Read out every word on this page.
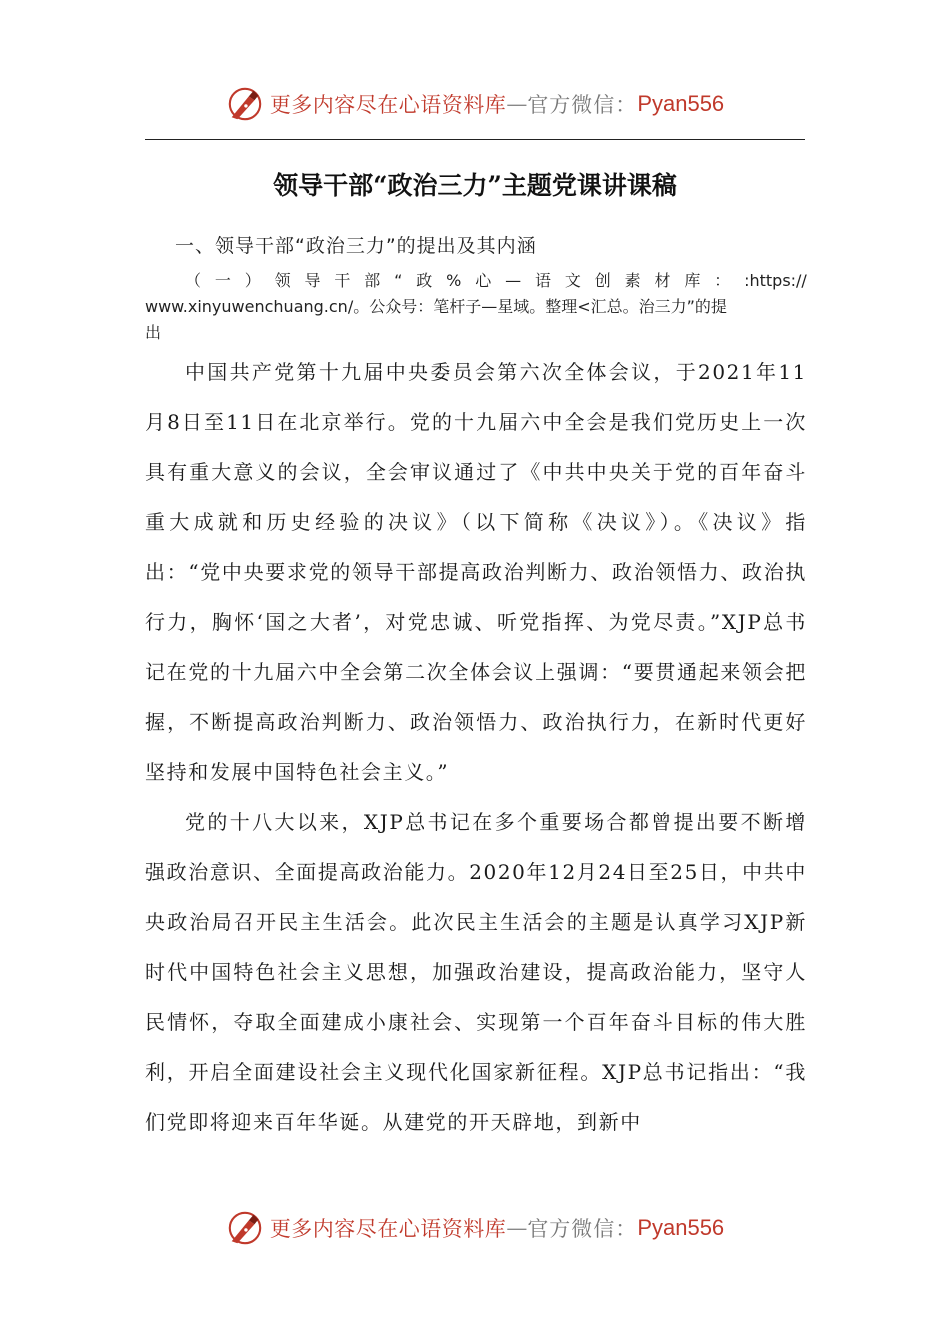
更多内容尽在心语资料库 — 官方微信： Pyan556
领导干部“政治三力”主题党课讲课稿
一、领导干部“政治三力”的提出及其内涵
（ 一 ） 领 导 干 部 “ 政 % 心 — 语 文 创 素 材 库 ： :https://
www.xinyuwenchuang.cn/。公众号：笔杆子—星域。整理<汇总。治三力”的提
出

中国共产党第十九届中央委员会第六次全体会议，于2021年11月8日至11日在北京举行。党的十九届六中全会是我们党历史上一次具有重大意义的会议，全会审议通过了《中共中央关于党的百年奋斗重大成就和历史经验的决议》（以下简称《决议》）。《决议》指出：“党中央要求党的领导干部提高政治判断力、政治领悟力、政治执行力，胸怀‘国之大者’，对党忠诚、听党指挥、为党尽责。”XJP总书记在党的十九届六中全会第二次全体会议上强调：“要贯通起来领会把握，不断提高政治判断力、政治领悟力、政治执行力，在新时代更好坚持和发展中国特色社会主义。”

党的十八大以来，XJP总书记在多个重要场合都曾提出要不断增强政治意识、全面提高政治能力。2020年12月24日至25日，中共中央政治局召开民主生活会。此次民主生活会的主题是认真学习XJP新时代中国特色社会主义思想，加强政治建设，提高政治能力，坚守人民情怀，夺取全面建成小康社会、实现第一个百年奋斗目标的伟大胜利，开启全面建设社会主义现代化国家新征程。XJP总书记指出：“我们党即将迎来百年华诞。从建党的开天辟地，到新中

更多内容尽在心语资料库 — 官方微信： Pyan556
